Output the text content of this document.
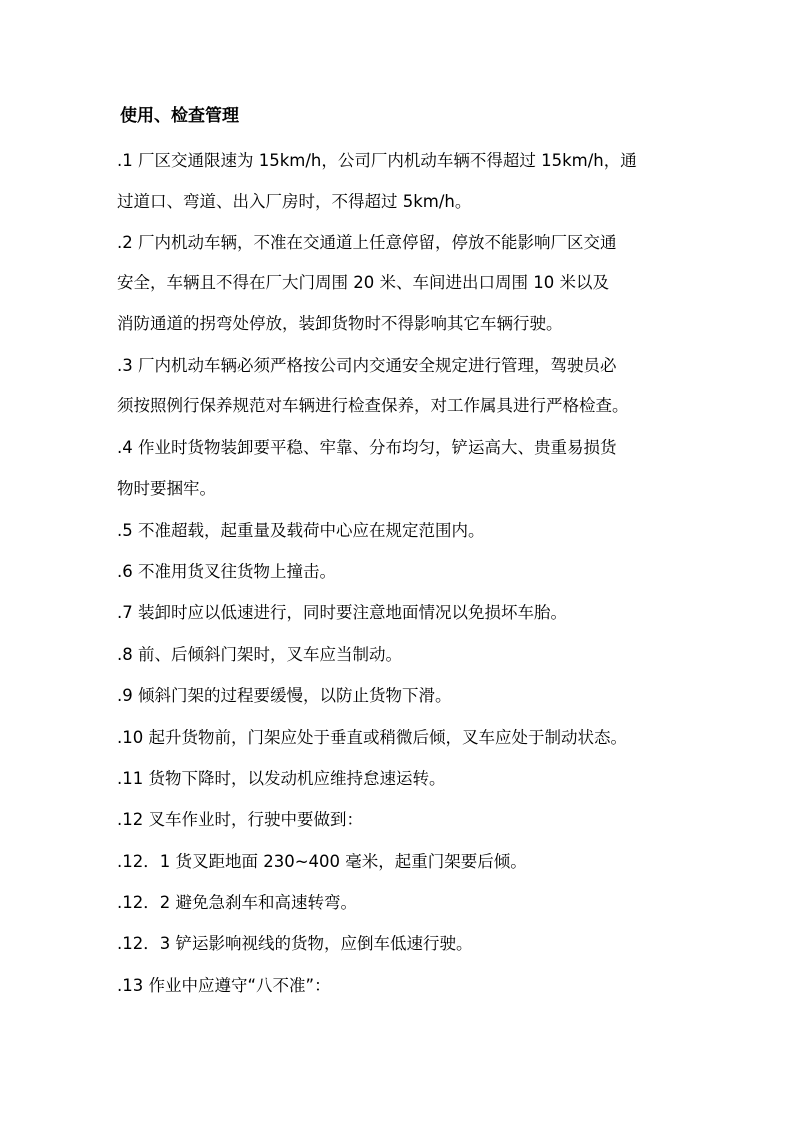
使用、检查管理
.1 厂区交通限速为 15km/h，公司厂内机动车辆不得超过 15km/h，通
过道口、弯道、出入厂房时，不得超过 5km/h。
.2 厂内机动车辆，不准在交通道上任意停留，停放不能影响厂区交通
安全，车辆且不得在厂大门周围 20 米、车间进出口周围 10 米以及
消防通道的拐弯处停放，装卸货物时不得影响其它车辆行驶。
.3 厂内机动车辆必须严格按公司内交通安全规定进行管理，驾驶员必
须按照例行保养规范对车辆进行检查保养，对工作属具进行严格检查。
.4 作业时货物装卸要平稳、牢靠、分布均匀，铲运高大、贵重易损货
物时要捆牢。
.5 不准超载，起重量及载荷中心应在规定范围内。
.6 不准用货叉往货物上撞击。
.7 装卸时应以低速进行，同时要注意地面情况以免损坏车胎。
.8 前、后倾斜门架时，叉车应当制动。
.9 倾斜门架的过程要缓慢，以防止货物下滑。
.10 起升货物前，门架应处于垂直或稍微后倾，叉车应处于制动状态。
.11 货物下降时，以发动机应维持怠速运转。
.12 叉车作业时，行驶中要做到：
.12．1 货叉距地面 230~400 毫米，起重门架要后倾。
.12．2 避免急刹车和高速转弯。
.12．3 铲运影响视线的货物，应倒车低速行驶。
.13 作业中应遵守“八不准”：
